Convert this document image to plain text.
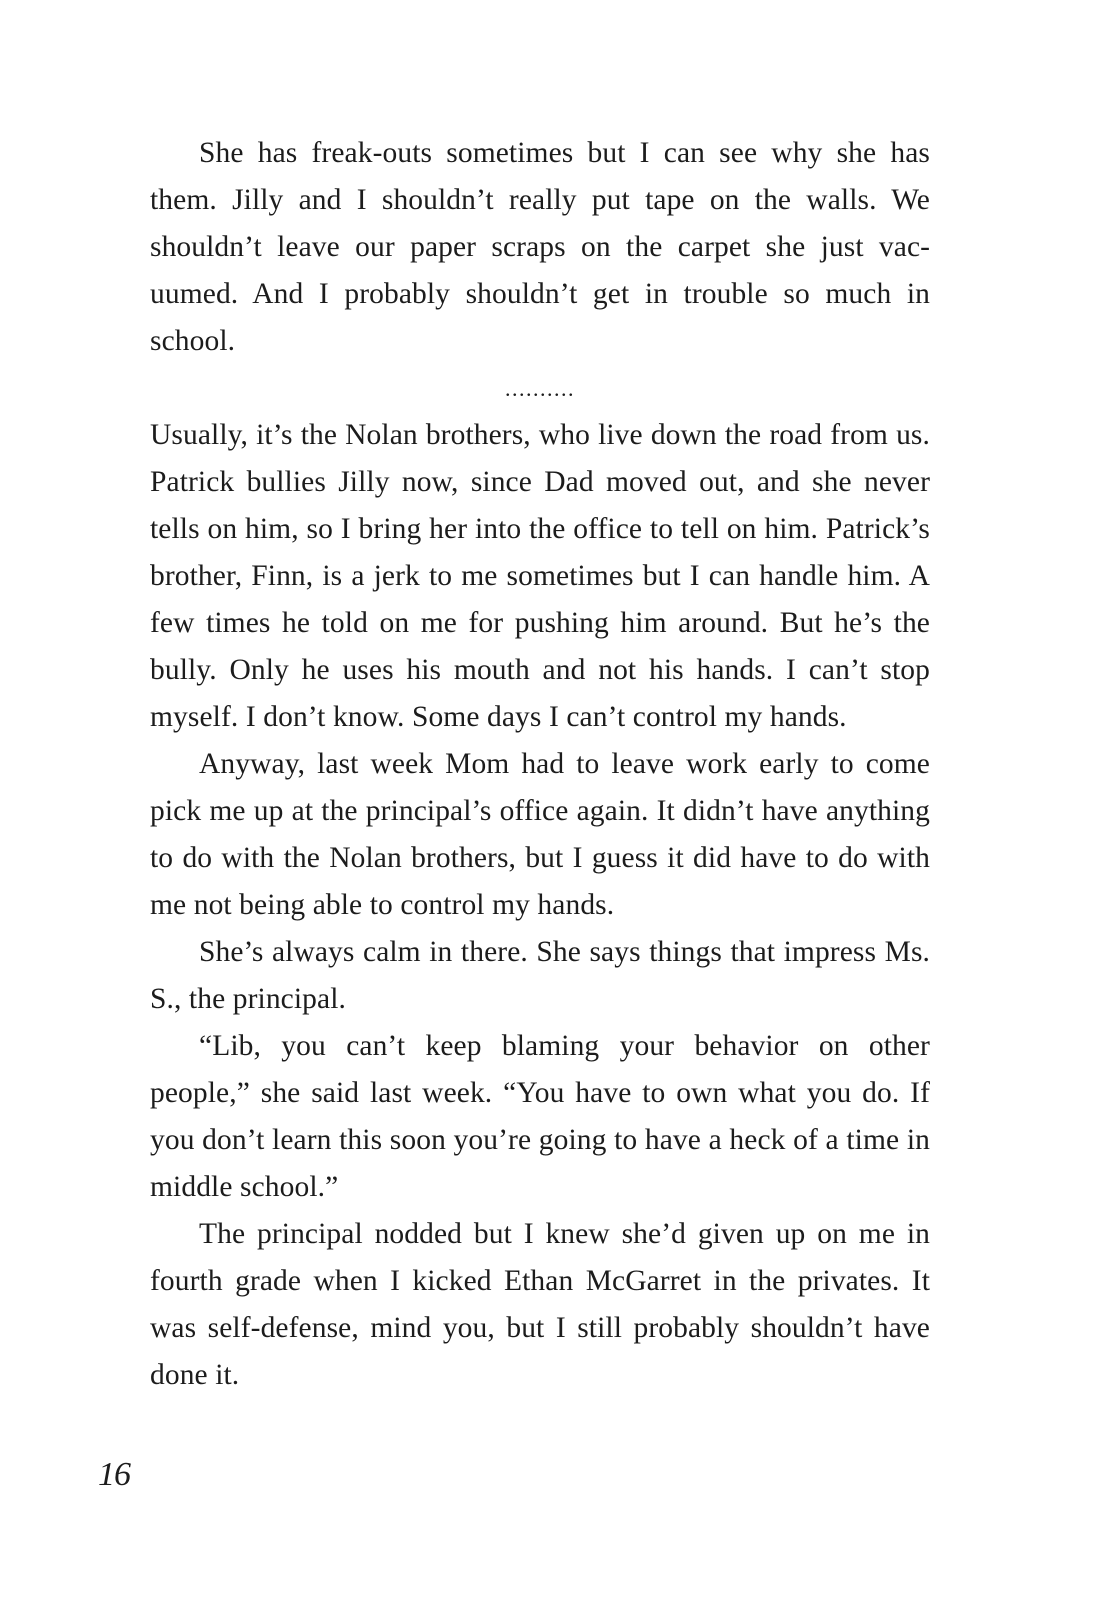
She has freak-outs sometimes but I can see why she has them. Jilly and I shouldn’t really put tape on the walls. We shouldn’t leave our paper scraps on the carpet she just vacuumed. And I probably shouldn’t get in trouble so much in school.

..........

Usually, it’s the Nolan brothers, who live down the road from us. Patrick bullies Jilly now, since Dad moved out, and she never tells on him, so I bring her into the office to tell on him. Patrick’s brother, Finn, is a jerk to me sometimes but I can handle him. A few times he told on me for pushing him around. But he’s the bully. Only he uses his mouth and not his hands. I can’t stop myself. I don’t know. Some days I can’t control my hands.

Anyway, last week Mom had to leave work early to come pick me up at the principal’s office again. It didn’t have anything to do with the Nolan brothers, but I guess it did have to do with me not being able to control my hands.

She’s always calm in there. She says things that impress Ms. S., the principal.

“Lib, you can’t keep blaming your behavior on other people,” she said last week. “You have to own what you do. If you don’t learn this soon you’re going to have a heck of a time in middle school.”

The principal nodded but I knew she’d given up on me in fourth grade when I kicked Ethan McGarret in the privates. It was self-defense, mind you, but I still probably shouldn’t have done it.

16
